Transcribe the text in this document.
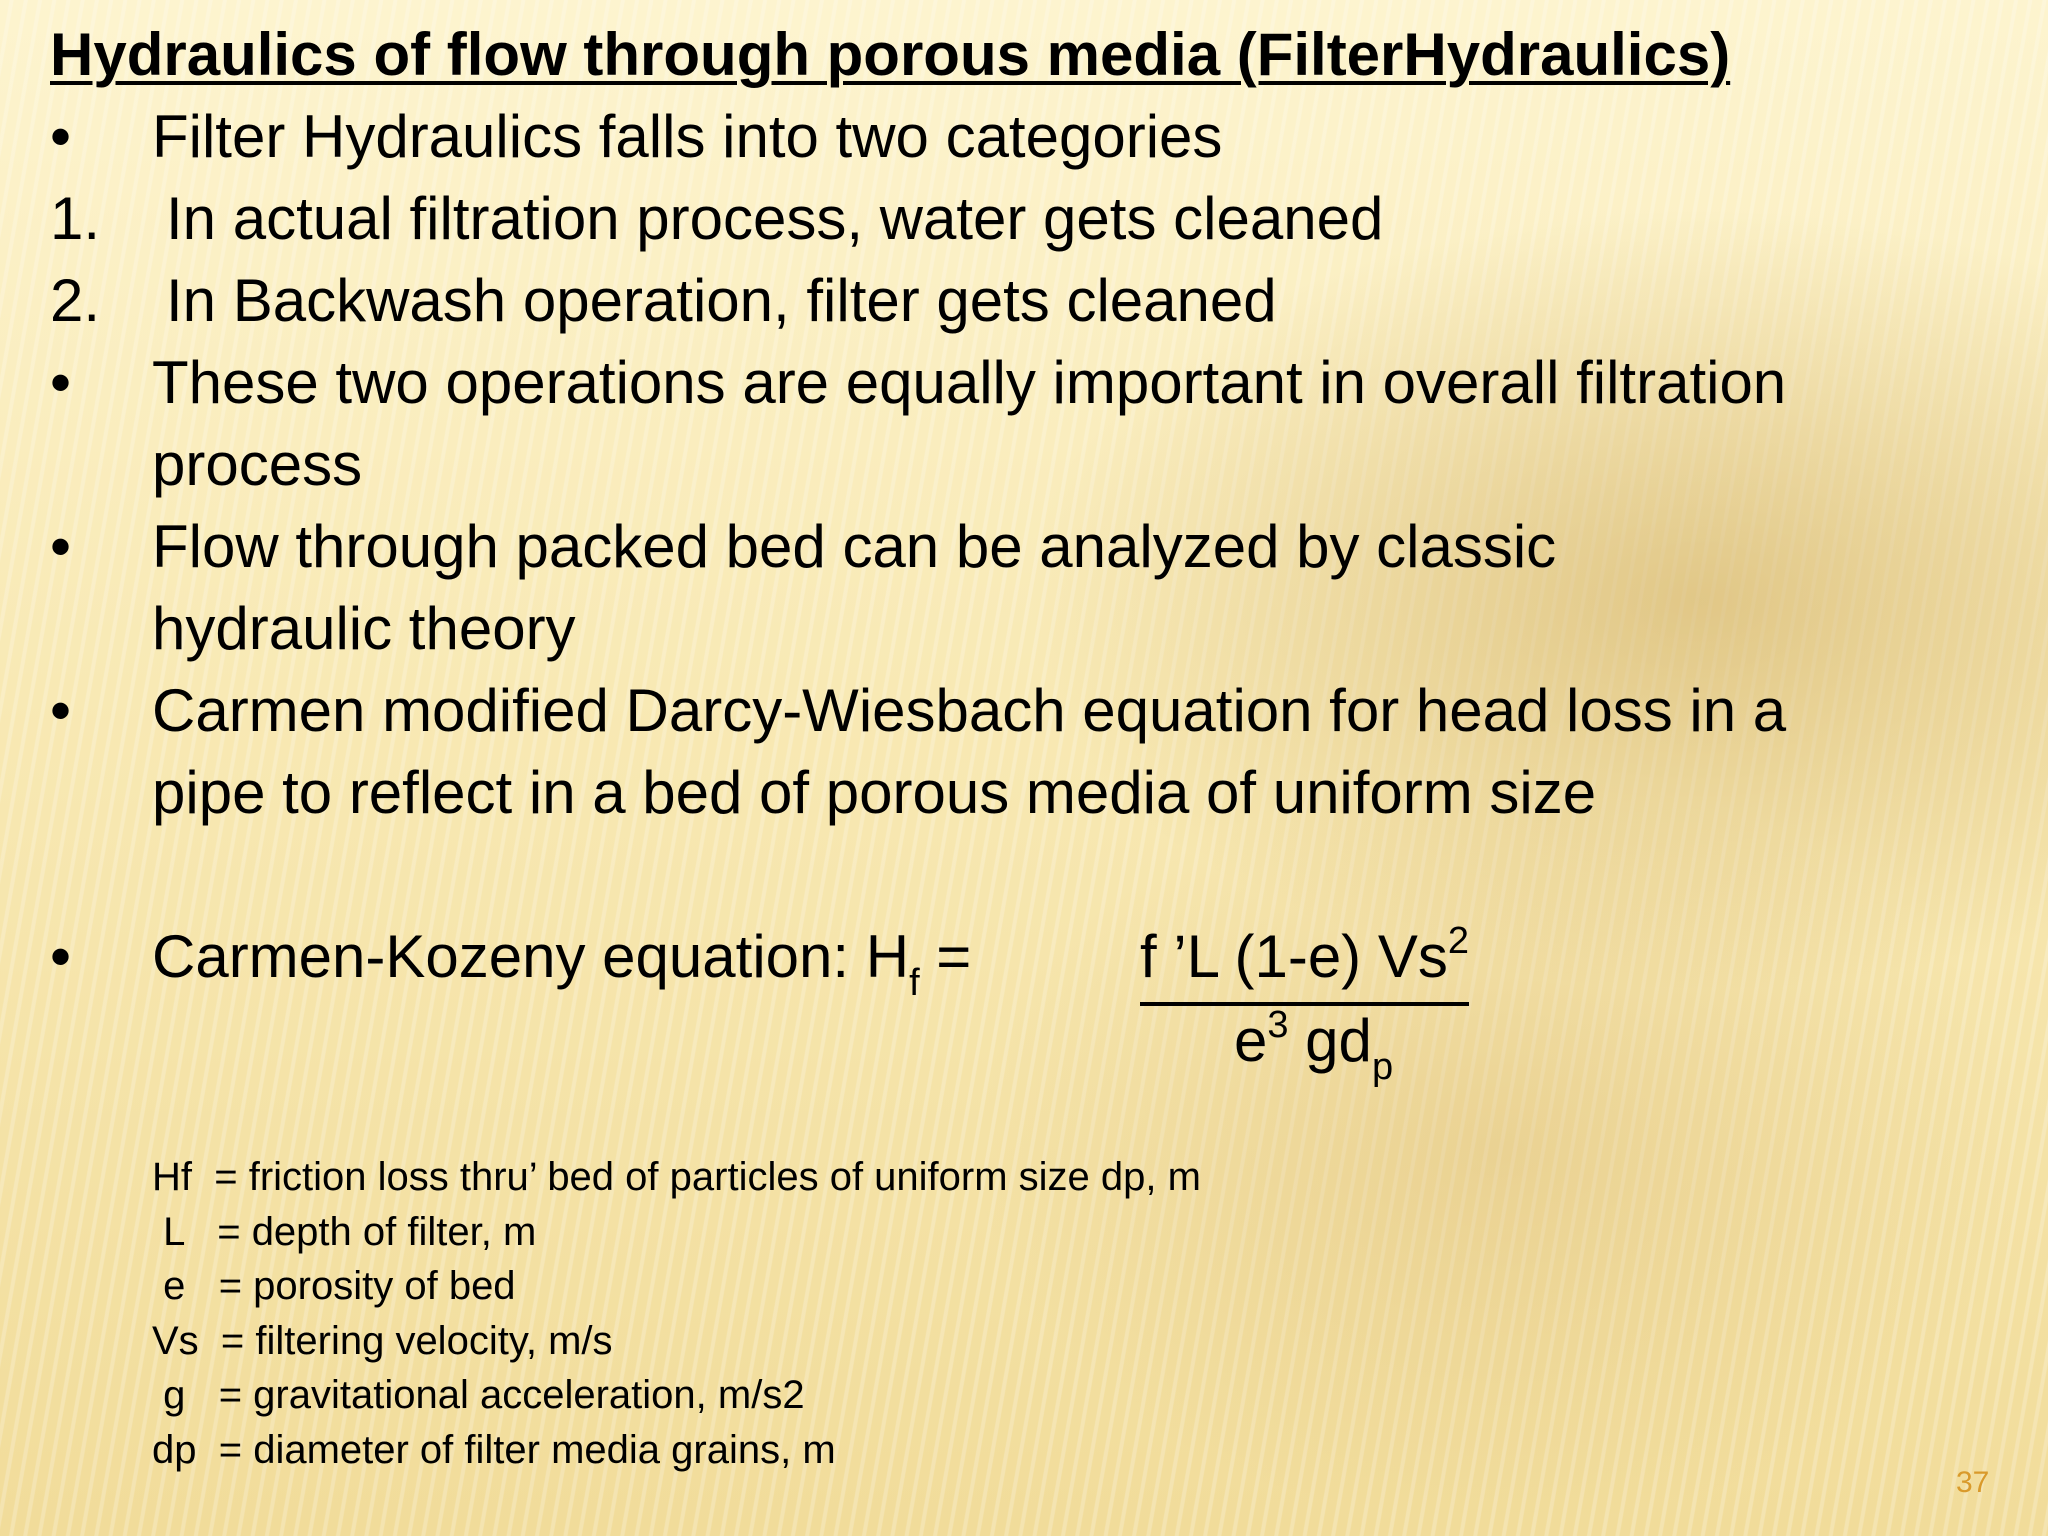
Hydraulics of flow through porous media (FilterHydraulics)
• Filter Hydraulics falls into two categories
1. In actual filtration process, water gets cleaned
2. In Backwash operation, filter gets cleaned
• These two operations are equally important in overall filtration
process
• Flow through packed bed can be analyzed by classic
hydraulic theory
• Carmen modified Darcy-Wiesbach equation for head loss in a
pipe to reflect in a bed of porous media of uniform size
• Carmen-Kozeny equation: $H_f$ =	f ’L (1-e) Vs$^2$
$e^3$ $gd_p$
Hf  = friction loss thru’ bed of particles of uniform size dp, m
L   = depth of filter, m
e   = porosity of bed
Vs  = filtering velocity, m/s
g   = gravitational acceleration, m/s2
dp  = diameter of filter media grains, m
37
